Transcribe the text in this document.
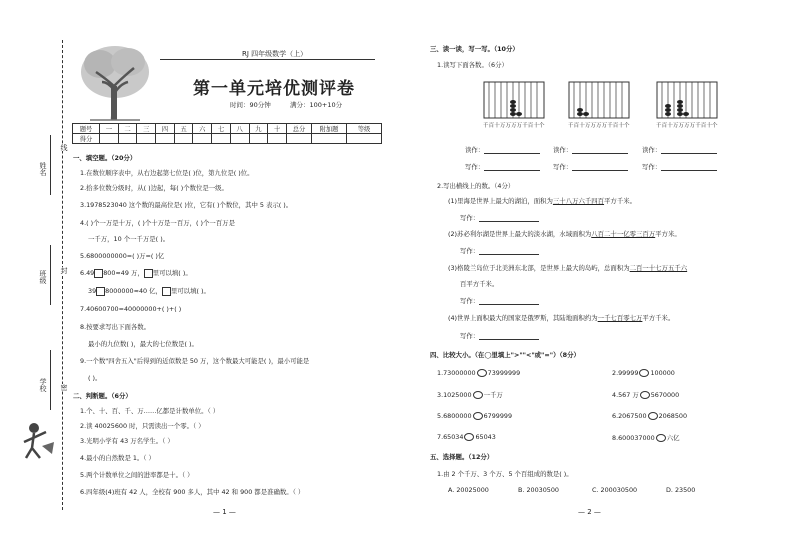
RJ 四年级数学（上）
第一单元培优测评卷
时间：90分钟	满分：100+10分
题号	一	二	三	四	五	六	七	八	九	十	总分	附加题	等级
得分													
姓名
班级
学校
线
封
密
一、填空题。（20分）
1.在数位顺序表中，从右边起第七位是( )位，第九位是( )位。
2.拾多位数分级时，从( )边起，每( )个数位是一级。
3.1978523040 这个数的最高位是( )位，它有( )个数位，其中 5 表示( )。
4.( )个一万是十万，( )个十万是一百万，( )个一百万是
一千万，10 个一千万是( )。
5.6800000000=( )万=( )亿
6.49 800≈49 万， 里可以填( )。
39 8000000≈40 亿， 里可以填( )。
7.40600700=40000000+( )+( )
8.按要求写出下面各数。
最小的九位数( )，最大的七位数是( )。
9.一个数"四舍五入"后得到的近似数是 50 万，这个数最大可能是( )，最小可能是
( )。
二、判断题。（6分）
1.个、十、百、千、万……亿都是计数单位。（ ）
2.读 40025600 时，只需读出一个零。（ ）
3.光明小学有 43 万名学生。（ ）
4.最小的自然数是 1。（ ）
5.两个计数单位之间的进率都是十。（ ）
6.四年级(4)班有 42 人，全校有 900 多人，其中 42 和 900 都是准确数。（ ）
— 1 —
三、读一读，写一写。（10分）
1.读写下面各数。（6分）
千 百 十 万 万 万 万 千 百 十 个	千 百 十 万 万 万 万 千 百 十 个	千 百 十 万 万 万 万 千 百 十 个
读作：	读作：	读作：
写作：	写作：	写作：
2.写出横线上的数。（4分）
(1)里海是世界上最大的湖泊，面积为三十八万六千四百平方千米。
写作：
(2)苏必利尔湖是世界上最大的淡水湖，水域面积为八百二十一亿零三百万平方米。
写作：
(3)格陵兰岛位于北美洲东北部，是世界上最大的岛屿，总面积为二百一十七万五千六
百平方千米。
写作：
(4)世界上面积最大的国家是俄罗斯，其陆地面积约为一千七百零七万平方千米。
写作：
四、比较大小。（在◯里填上">""<"或"="）（8分）
1.73000000 73999999	2.99999 100000
3.1025000 一千万	4.567 万 5670000
5.6800000 6799999	6.2067500 2068500
7.65034 65043	8.600037000 六亿
五、选择题。（12分）
1.由 2 个千万、3 个万、5 个百组成的数是( )。
A. 20025000	B. 20030500	C. 200030500	D. 23500
— 2 —
